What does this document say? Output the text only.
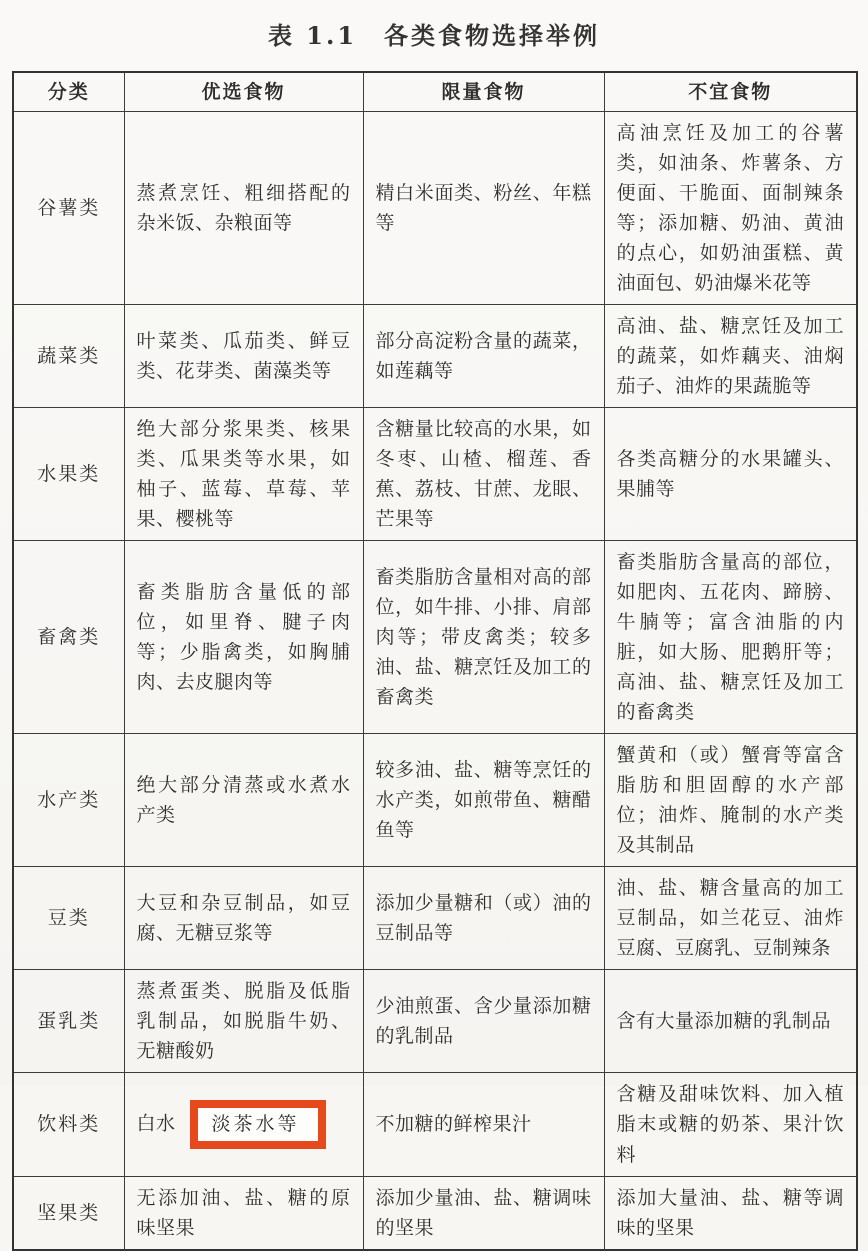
表 1.1　各类食物选择举例
分类	优选食物	限量食物	不宜食物
谷薯类	蒸煮烹饪、粗细搭配的杂米饭、杂粮面等	精白米面类、粉丝、年糕等	高油烹饪及加工的谷薯类，如油条、炸薯条、方便面、干脆面、面制辣条等；添加糖、奶油、黄油的点心，如奶油蛋糕、黄油面包、奶油爆米花等
蔬菜类	叶菜类、瓜茄类、鲜豆类、花芽类、菌藻类等	部分高淀粉含量的蔬菜，如莲藕等	高油、盐、糖烹饪及加工的蔬菜，如炸藕夹、油焖茄子、油炸的果蔬脆等
水果类	绝大部分浆果类、核果类、瓜果类等水果，如柚子、蓝莓、草莓、苹果、樱桃等	含糖量比较高的水果，如冬枣、山楂、榴莲、香蕉、荔枝、甘蔗、龙眼、芒果等	各类高糖分的水果罐头、果脯等
畜禽类	畜类脂肪含量低的部位，如里脊、腱子肉等；少脂禽类，如胸脯肉、去皮腿肉等	畜类脂肪含量相对高的部位，如牛排、小排、肩部肉等；带皮禽类；较多油、盐、糖烹饪及加工的畜禽类	畜类脂肪含量高的部位，如肥肉、五花肉、蹄膀、牛腩等；富含油脂的内脏，如大肠、肥鹅肝等；高油、盐、糖烹饪及加工的畜禽类
水产类	绝大部分清蒸或水煮水产类	较多油、盐、糖等烹饪的水产类，如煎带鱼、糖醋鱼等	蟹黄和（或）蟹膏等富含脂肪和胆固醇的水产部位；油炸、腌制的水产类及其制品
豆类	大豆和杂豆制品，如豆腐、无糖豆浆等	添加少量糖和（或）油的豆制品等	油、盐、糖含量高的加工豆制品，如兰花豆、油炸豆腐、豆腐乳、豆制辣条
蛋乳类	蒸煮蛋类、脱脂及低脂乳制品，如脱脂牛奶、无糖酸奶	少油煎蛋、含少量添加糖的乳制品	含有大量添加糖的乳制品
饮料类	白水 淡茶水等	不加糖的鲜榨果汁	含糖及甜味饮料、加入植脂末或糖的奶茶、果汁饮料
坚果类	无添加油、盐、糖的原味坚果	添加少量油、盐、糖调味的坚果	添加大量油、盐、糖等调味的坚果
